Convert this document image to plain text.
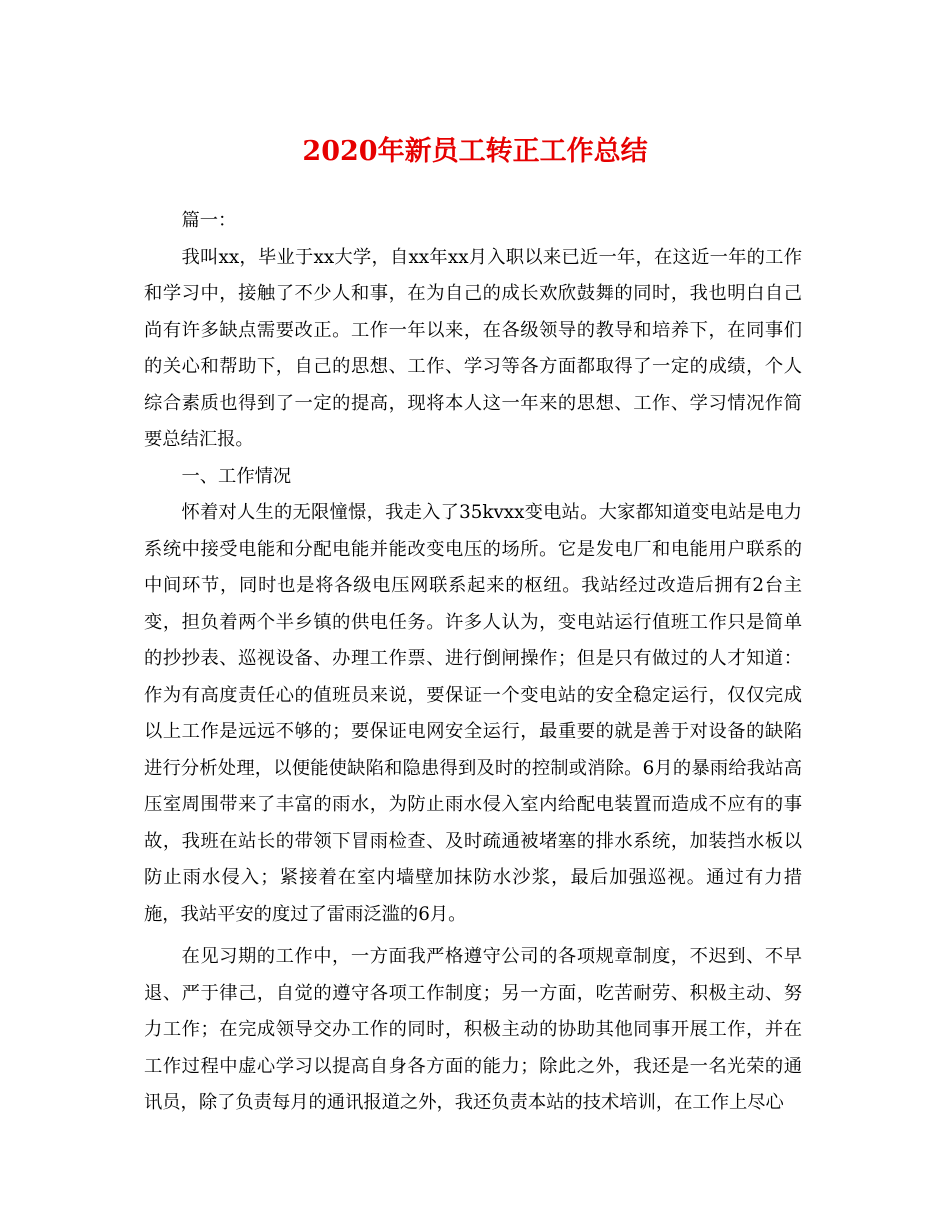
2020年新员工转正工作总结

篇一：

我叫xx，毕业于xx大学，自xx年xx月入职以来已近一年，在这近一年的工作和学习中，接触了不少人和事，在为自己的成长欢欣鼓舞的同时，我也明白自己尚有许多缺点需要改正。工作一年以来，在各级领导的教导和培养下，在同事们的关心和帮助下，自己的思想、工作、学习等各方面都取得了一定的成绩，个人综合素质也得到了一定的提高，现将本人这一年来的思想、工作、学习情况作简要总结汇报。

一、工作情况

怀着对人生的无限憧憬，我走入了35kvxx变电站。大家都知道变电站是电力系统中接受电能和分配电能并能改变电压的场所。它是发电厂和电能用户联系的中间环节，同时也是将各级电压网联系起来的枢纽。我站经过改造后拥有2台主变，担负着两个半乡镇的供电任务。许多人认为，变电站运行值班工作只是简单的抄抄表、巡视设备、办理工作票、进行倒闸操作；但是只有做过的人才知道：作为有高度责任心的值班员来说，要保证一个变电站的安全稳定运行，仅仅完成以上工作是远远不够的；要保证电网安全运行，最重要的就是善于对设备的缺陷进行分析处理，以便能使缺陷和隐患得到及时的控制或消除。6月的暴雨给我站高压室周围带来了丰富的雨水，为防止雨水侵入室内给配电装置而造成不应有的事故，我班在站长的带领下冒雨检查、及时疏通被堵塞的排水系统，加装挡水板以防止雨水侵入；紧接着在室内墙壁加抹防水沙浆，最后加强巡视。通过有力措施，我站平安的度过了雷雨泛滥的6月。

在见习期的工作中，一方面我严格遵守公司的各项规章制度，不迟到、不早退、严于律己，自觉的遵守各项工作制度；另一方面，吃苦耐劳、积极主动、努力工作；在完成领导交办工作的同时，积极主动的协助其他同事开展工作，并在工作过程中虚心学习以提高自身各方面的能力；除此之外，我还是一名光荣的通讯员，除了负责每月的通讯报道之外，我还负责本站的技术培训，在工作上尽心
